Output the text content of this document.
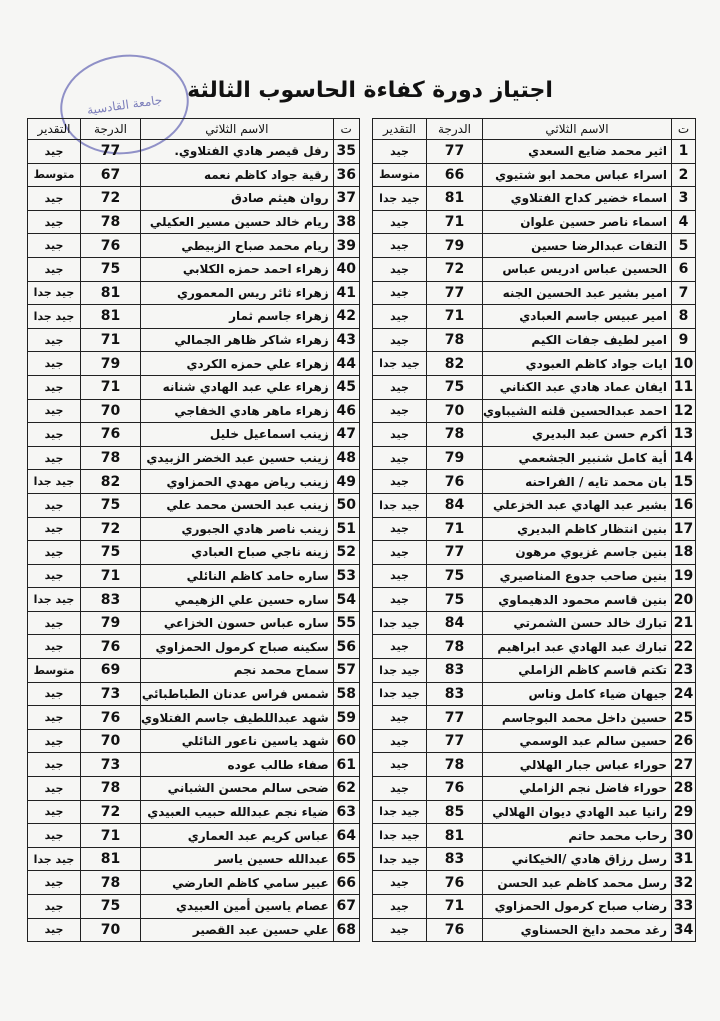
جامعة القادسية
اجتياز دورة كفاءة الحاسوب الثالثة
ت	الاسم الثلاثي	الدرجة	التقدير
35	رفل قيصر هادي الفتلاوي.	77	جيد
36	رقية جواد كاظم نعمه	67	متوسط
37	روان هيثم صادق	72	جيد
38	ريام خالد حسين مسير العكيلي	78	جيد
39	ريام محمد صباح الزبيطي	76	جيد
40	زهراء احمد حمزه الكلابي	75	جيد
41	زهراء ثائر ريس المعموري	81	جيد جدا
42	زهراء جاسم ثمار	81	جيد جدا
43	زهراء شاكر ظاهر الجمالي	71	جيد
44	زهراء علي حمزه الكردي	79	جيد
45	زهراء علي عبد الهادي شنانه	71	جيد
46	زهراء ماهر هادي الخفاجي	70	جيد
47	زينب اسماعيل خليل	76	جيد
48	زينب حسين عبد الخضر الزبيدي	78	جيد
49	زينب رياض مهدي الحمزاوي	82	جيد جدا
50	زينب عبد الحسن محمد علي	75	جيد
51	زينب ناصر هادي الجبوري	72	جيد
52	زينه ناجي صباح العبادي	75	جيد
53	ساره حامد كاظم النائلي	71	جيد
54	ساره حسين علي الزهيمي	83	جيد جدا
55	ساره عباس حسون الخزاعي	79	جيد
56	سكينه صباح كرمول الحمزاوي	76	جيد
57	سماح محمد نجم	69	متوسط
58	شمس فراس عدنان الطباطبائي	73	جيد
59	شهد عبداللطيف جاسم الفتلاوي	76	جيد
60	شهد ياسين ناعور النائلي	70	جيد
61	صفاء طالب عوده	73	جيد
62	ضحى سالم محسن الشباني	78	جيد
63	ضياء نجم عبدالله حبيب العبيدي	72	جيد
64	عباس كريم عبد العماري	71	جيد
65	عبدالله حسين ياسر	81	جيد جدا
66	عبير سامي كاظم العارضي	78	جيد
67	عصام ياسين أمين العبيدي	75	جيد
68	علي حسين عبد القصير	70	جيد
ت	الاسم الثلاثي	الدرجة	التقدير
1	اثير محمد ضايع السعدي	77	جيد
2	اسراء عباس محمد ابو شتيوي	66	متوسط
3	اسماء خضير كداح الفتلاوي	81	جيد جدا
4	اسماء ناصر حسين علوان	71	جيد
5	التفات عبدالرضا حسين	79	جيد
6	الحسين عباس ادريس عباس	72	جيد
7	امير بشير عبد الحسين الجنه	77	جيد
8	امير عبيس جاسم العبادي	71	جيد
9	امير لطيف جفات الكيم	78	جيد
10	ايات جواد كاظم العبودي	82	جيد جدا
11	ايفان عماد هادي عبد الكناني	75	جيد
12	احمد عبدالحسين قلنه الشيباوي	70	جيد
13	أكرم حسن عبد البديري	78	جيد
14	أية كامل شنبير الجشعمي	79	جيد
15	بان محمد تايه / الفراحنه	76	جيد
16	بشير عبد الهادي عبد الخزعلي	84	جيد جدا
17	بنين انتظار كاظم البديري	71	جيد
18	بنين جاسم غزيوي مرهون	77	جيد
19	بنين صاحب جدوع المناصيري	75	جيد
20	بنين قاسم محمود الدهيماوي	75	جيد
21	تبارك خالد حسن الشمرتي	84	جيد جدا
22	تبارك عبد الهادي عبد ابراهيم	78	جيد
23	تكتم قاسم كاظم الزاملي	83	جيد جدا
24	جيهان ضياء كامل وناس	83	جيد جدا
25	حسين داخل محمد البوجاسم	77	جيد
26	حسين سالم عبد الوسمي	77	جيد
27	حوراء عباس جبار الهلالي	78	جيد
28	حوراء فاضل نجم الزاملي	76	جيد
29	رانيا عبد الهادي ديوان الهلالي	85	جيد جدا
30	رحاب محمد حاتم	81	جيد جدا
31	رسل رزاق هادي /الخيكاني	83	جيد جدا
32	رسل محمد كاظم عبد الحسن	76	جيد
33	رضاب صباح كرمول الحمزاوي	71	جيد
34	رغد محمد دايخ الحسناوي	76	جيد
